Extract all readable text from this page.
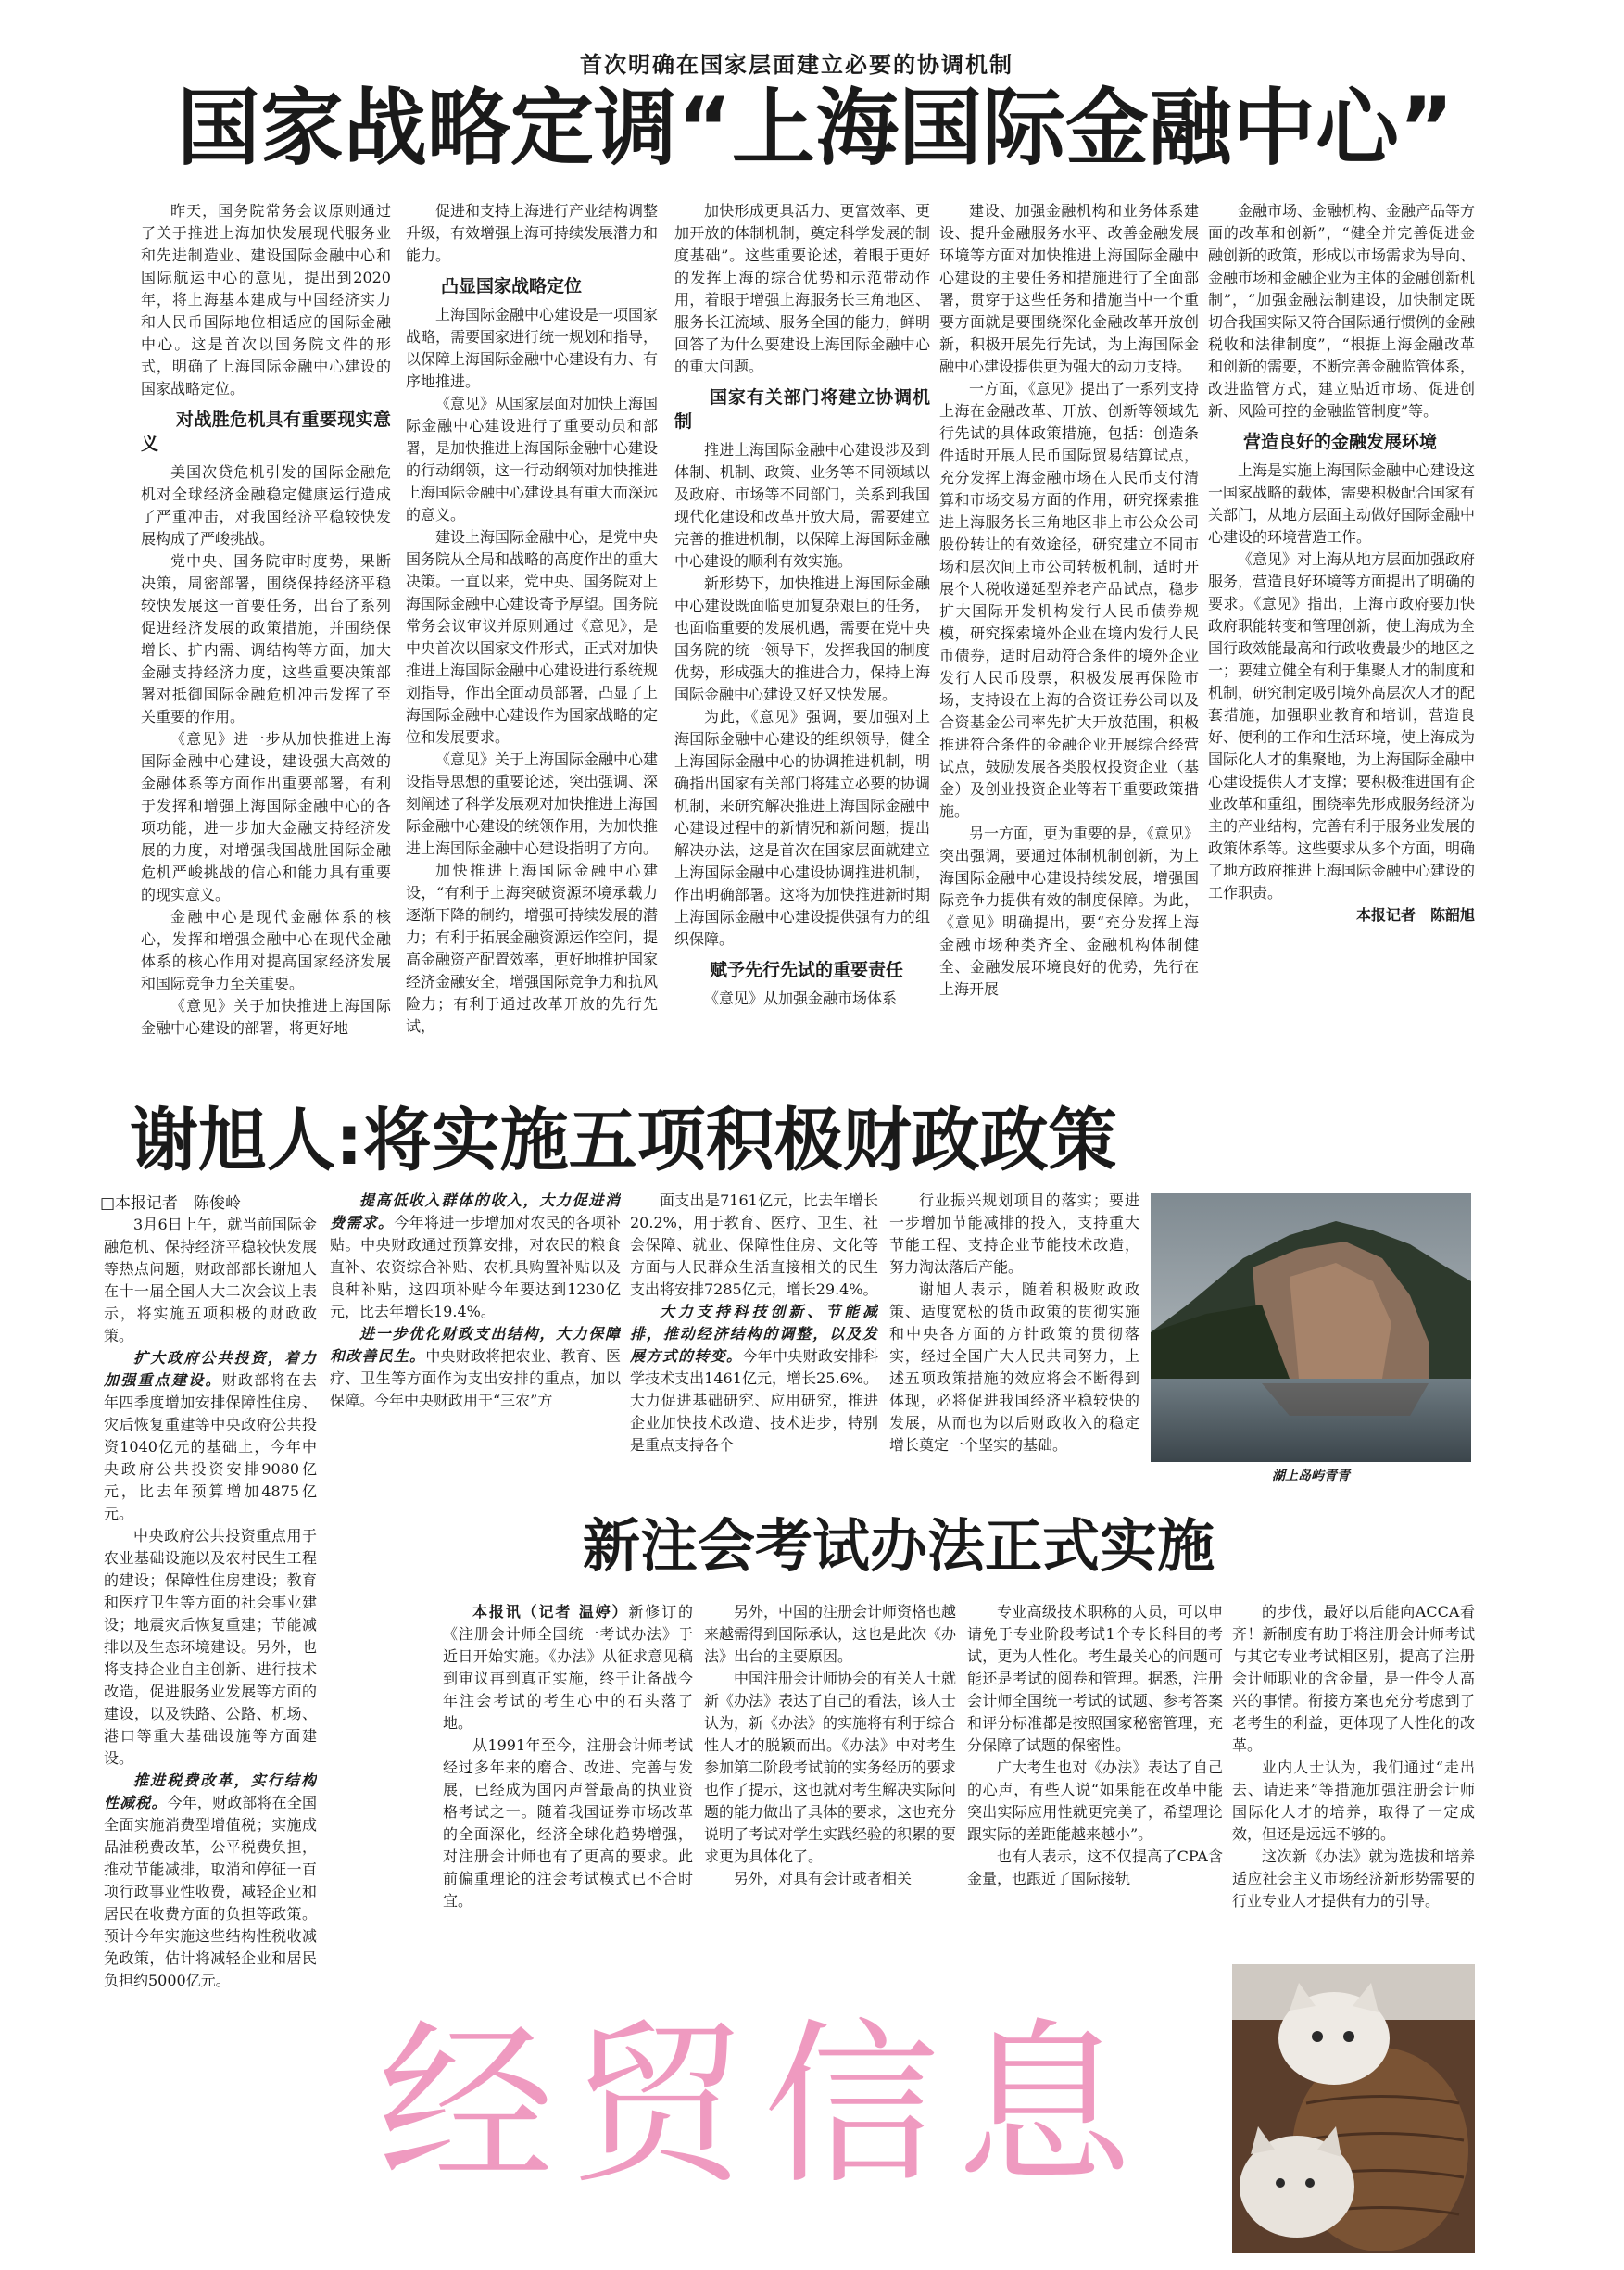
首次明确在国家层面建立必要的协调机制
国家战略定调“上海国际金融中心”

昨天，国务院常务会议原则通过了关于推进上海加快发展现代服务业和先进制造业、建设国际金融中心和国际航运中心的意见，提出到2020年，将上海基本建成与中国经济实力和人民币国际地位相适应的国际金融中心。这是首次以国务院文件的形式，明确了上海国际金融中心建设的国家战略定位。

对战胜危机具有重要现实意义

美国次贷危机引发的国际金融危机对全球经济金融稳定健康运行造成了严重冲击，对我国经济平稳较快发展构成了严峻挑战。

党中央、国务院审时度势，果断决策，周密部署，围绕保持经济平稳较快发展这一首要任务，出台了系列促进经济发展的政策措施，并围绕保增长、扩内需、调结构等方面，加大金融支持经济力度，这些重要决策部署对抵御国际金融危机冲击发挥了至关重要的作用。

《意见》进一步从加快推进上海国际金融中心建设，建设强大高效的金融体系等方面作出重要部署，有利于发挥和增强上海国际金融中心的各项功能，进一步加大金融支持经济发展的力度，对增强我国战胜国际金融危机严峻挑战的信心和能力具有重要的现实意义。

金融中心是现代金融体系的核心，发挥和增强金融中心在现代金融体系的核心作用对提高国家经济发展和国际竞争力至关重要。

《意见》关于加快推进上海国际金融中心建设的部署，将更好地

促进和支持上海进行产业结构调整升级，有效增强上海可持续发展潜力和能力。

凸显国家战略定位

上海国际金融中心建设是一项国家战略，需要国家进行统一规划和指导，以保障上海国际金融中心建设有力、有序地推进。

《意见》从国家层面对加快上海国际金融中心建设进行了重要动员和部署，是加快推进上海国际金融中心建设的行动纲领，这一行动纲领对加快推进上海国际金融中心建设具有重大而深远的意义。

建设上海国际金融中心，是党中央国务院从全局和战略的高度作出的重大决策。一直以来，党中央、国务院对上海国际金融中心建设寄予厚望。国务院常务会议审议并原则通过《意见》，是中央首次以国家文件形式，正式对加快推进上海国际金融中心建设进行系统规划指导，作出全面动员部署，凸显了上海国际金融中心建设作为国家战略的定位和发展要求。

《意见》关于上海国际金融中心建设指导思想的重要论述，突出强调、深刻阐述了科学发展观对加快推进上海国际金融中心建设的统领作用，为加快推进上海国际金融中心建设指明了方向。

加快推进上海国际金融中心建设，“有利于上海突破资源环境承载力逐渐下降的制约，增强可持续发展的潜力；有利于拓展金融资源运作空间，提高金融资产配置效率，更好地推护国家经济金融安全，增强国际竞争力和抗风险力；有利于通过改革开放的先行先试，

加快形成更具活力、更富效率、更加开放的体制机制，奠定科学发展的制度基础”。这些重要论述，着眼于更好的发挥上海的综合优势和示范带动作用，着眼于增强上海服务长三角地区、服务长江流域、服务全国的能力，鲜明回答了为什么要建设上海国际金融中心的重大问题。

国家有关部门将建立协调机制

推进上海国际金融中心建设涉及到体制、机制、政策、业务等不同领域以及政府、市场等不同部门，关系到我国现代化建设和改革开放大局，需要建立完善的推进机制，以保障上海国际金融中心建设的顺利有效实施。

新形势下，加快推进上海国际金融中心建设既面临更加复杂艰巨的任务，也面临重要的发展机遇，需要在党中央国务院的统一领导下，发挥我国的制度优势，形成强大的推进合力，保持上海国际金融中心建设又好又快发展。

为此，《意见》强调，要加强对上海国际金融中心建设的组织领导，健全上海国际金融中心的协调推进机制，明确指出国家有关部门将建立必要的协调机制，来研究解决推进上海国际金融中心建设过程中的新情况和新问题，提出解决办法，这是首次在国家层面就建立上海国际金融中心建设协调推进机制，作出明确部署。这将为加快推进新时期上海国际金融中心建设提供强有力的组织保障。

赋予先行先试的重要责任

《意见》从加强金融市场体系

建设、加强金融机构和业务体系建设、提升金融服务水平、改善金融发展环境等方面对加快推进上海国际金融中心建设的主要任务和措施进行了全面部署，贯穿于这些任务和措施当中一个重要方面就是要围绕深化金融改革开放创新，积极开展先行先试，为上海国际金融中心建设提供更为强大的动力支持。

一方面，《意见》提出了一系列支持上海在金融改革、开放、创新等领域先行先试的具体政策措施，包括：创造条件适时开展人民币国际贸易结算试点，充分发挥上海金融市场在人民币支付清算和市场交易方面的作用，研究探索推进上海服务长三角地区非上市公众公司股份转让的有效途径，研究建立不同市场和层次间上市公司转板机制，适时开展个人税收递延型养老产品试点，稳步扩大国际开发机构发行人民币债券规模，研究探索境外企业在境内发行人民币债券，适时启动符合条件的境外企业发行人民币股票，积极发展再保险市场，支持设在上海的合资证券公司以及合资基金公司率先扩大开放范围，积极推进符合条件的金融企业开展综合经营试点，鼓励发展各类股权投资企业（基金）及创业投资企业等若干重要政策措施。

另一方面，更为重要的是，《意见》突出强调，要通过体制机制创新，为上海国际金融中心建设持续发展，增强国际竞争力提供有效的制度保障。为此，《意见》明确提出，要“充分发挥上海金融市场种类齐全、金融机构体制健全、金融发展环境良好的优势，先行在上海开展

金融市场、金融机构、金融产品等方面的改革和创新”，“健全并完善促进金融创新的政策，形成以市场需求为导向、金融市场和金融企业为主体的金融创新机制”，“加强金融法制建设，加快制定既切合我国实际又符合国际通行惯例的金融税收和法律制度”，“根据上海金融改革和创新的需要，不断完善金融监管体系，改进监管方式，建立贴近市场、促进创新、风险可控的金融监管制度”等。

营造良好的金融发展环境

上海是实施上海国际金融中心建设这一国家战略的载体，需要积极配合国家有关部门，从地方层面主动做好国际金融中心建设的环境营造工作。

《意见》对上海从地方层面加强政府服务，营造良好环境等方面提出了明确的要求。《意见》指出，上海市政府要加快政府职能转变和管理创新，使上海成为全国行政效能最高和行政收费最少的地区之一；要建立健全有利于集聚人才的制度和机制，研究制定吸引境外高层次人才的配套措施，加强职业教育和培训，营造良好、便利的工作和生活环境，使上海成为国际化人才的集聚地，为上海国际金融中心建设提供人才支撑；要积极推进国有企业改革和重组，围绕率先形成服务经济为主的产业结构，完善有利于服务业发展的政策体系等。这些要求从多个方面，明确了地方政府推进上海国际金融中心建设的工作职责。

本报记者　陈韶旭

谢旭人:将实施五项积极财政政策
□本报记者　陈俊岭

3月6日上午，就当前国际金融危机、保持经济平稳较快发展等热点问题，财政部部长谢旭人在十一届全国人大二次会议上表示，将实施五项积极的财政政策。

扩大政府公共投资，着力加强重点建设。财政部将在去年四季度增加安排保障性住房、灾后恢复重建等中央政府公共投资1040亿元的基础上，今年中央政府公共投资安排9080亿元，比去年预算增加4875亿元。

中央政府公共投资重点用于农业基础设施以及农村民生工程的建设；保障性住房建设；教育和医疗卫生等方面的社会事业建设；地震灾后恢复重建；节能减排以及生态环境建设。另外，也将支持企业自主创新、进行技术改造，促进服务业发展等方面的建设，以及铁路、公路、机场、港口等重大基础设施等方面建设。

推进税费改革，实行结构性减税。今年，财政部将在全国全面实施消费型增值税；实施成品油税费改革，公平税费负担，推动节能减排，取消和停征一百项行政事业性收费，减轻企业和居民在收费方面的负担等政策。预计今年实施这些结构性税收减免政策，估计将减轻企业和居民负担约5000亿元。

提高低收入群体的收入，大力促进消费需求。今年将进一步增加对农民的各项补贴。中央财政通过预算安排，对农民的粮食直补、农资综合补贴、农机具购置补贴以及良种补贴，这四项补贴今年要达到1230亿元，比去年增长19.4%。

进一步优化财政支出结构，大力保障和改善民生。中央财政将把农业、教育、医疗、卫生等方面作为支出安排的重点，加以保障。今年中央财政用于“三农”方

面支出是7161亿元，比去年增长20.2%，用于教育、医疗、卫生、社会保障、就业、保障性住房、文化等方面与人民群众生活直接相关的民生支出将安排7285亿元，增长29.4%。

大力支持科技创新、节能减排，推动经济结构的调整，以及发展方式的转变。今年中央财政安排科学技术支出1461亿元，增长25.6%。大力促进基础研究、应用研究，推进企业加快技术改造、技术进步，特别是重点支持各个

行业振兴规划项目的落实；要进一步增加节能减排的投入，支持重大节能工程、支持企业节能技术改造，努力淘汰落后产能。

谢旭人表示，随着积极财政政策、适度宽松的货币政策的贯彻实施和中央各方面的方针政策的贯彻落实，经过全国广大人民共同努力，上述五项政策措施的效应将会不断得到体现，必将促进我国经济平稳较快的发展，从而也为以后财政收入的稳定增长奠定一个坚实的基础。

湖上岛屿青青
新注会考试办法正式实施

本报讯（记者 温婷）新修订的《注册会计师全国统一考试办法》于近日开始实施。《办法》从征求意见稿到审议再到真正实施，终于让备战今年注会考试的考生心中的石头落了地。

从1991年至今，注册会计师考试经过多年来的磨合、改进、完善与发展，已经成为国内声誉最高的执业资格考试之一。随着我国证券市场改革的全面深化，经济全球化趋势增强，对注册会计师也有了更高的要求。此前偏重理论的注会考试模式已不合时宜。

另外，中国的注册会计师资格也越来越需得到国际承认，这也是此次《办法》出台的主要原因。

中国注册会计师协会的有关人士就新《办法》表达了自己的看法，该人士认为，新《办法》的实施将有利于综合性人才的脱颖而出。《办法》中对考生参加第二阶段考试前的实务经历的要求也作了提示，这也就对考生解决实际问题的能力做出了具体的要求，这也充分说明了考试对学生实践经验的积累的要求更为具体化了。

另外，对具有会计或者相关

专业高级技术职称的人员，可以申请免于专业阶段考试1个专长科目的考试，更为人性化。考生最关心的问题可能还是考试的阅卷和管理。据悉，注册会计师全国统一考试的试题、参考答案和评分标准都是按照国家秘密管理，充分保障了试题的保密性。

广大考生也对《办法》表达了自己的心声，有些人说“如果能在改革中能突出实际应用性就更完美了，希望理论跟实际的差距能越来越小”。

也有人表示，这不仅提高了CPA含金量，也跟近了国际接轨

的步伐，最好以后能向ACCA看齐！新制度有助于将注册会计师考试与其它专业考试相区别，提高了注册会计师职业的含金量，是一件令人高兴的事情。衔接方案也充分考虑到了老考生的利益，更体现了人性化的改革。

业内人士认为，我们通过“走出去、请进来”等措施加强注册会计师国际化人才的培养，取得了一定成效，但还是远远不够的。

这次新《办法》就为选拔和培养适应社会主义市场经济新形势需要的行业专业人才提供有力的引导。

经贸信息
